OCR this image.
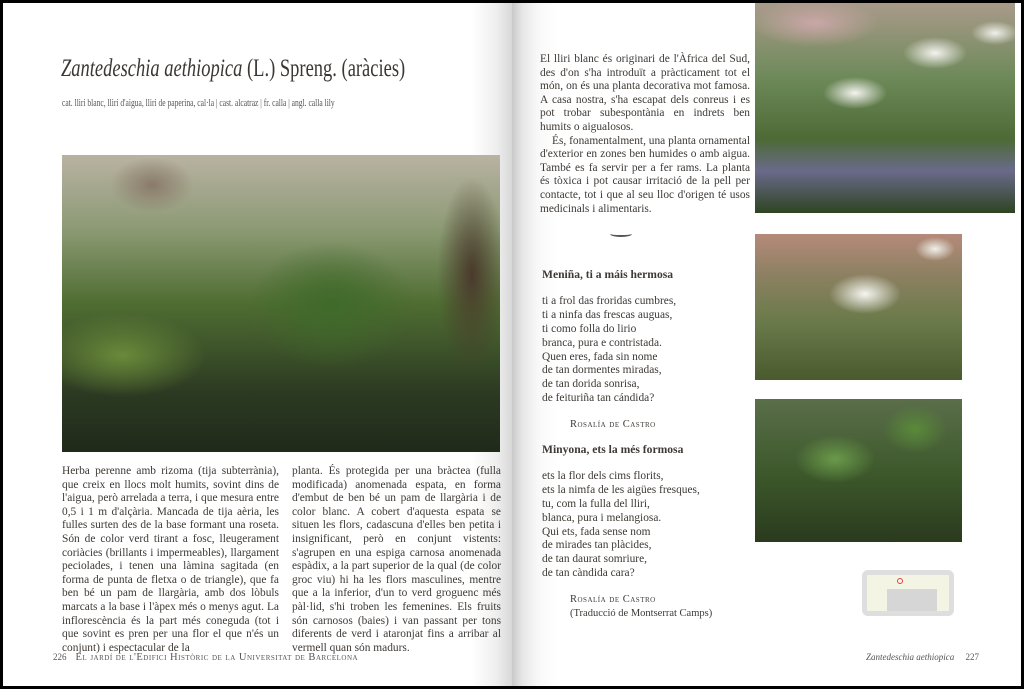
Zantedeschia aethiopica (L.) Spreng. (aràcies)
cat. lliri blanc, lliri d'aigua, lliri de paperina, cal·la | cast. alcatraz | fr. calla | angl. calla lily
Herba perenne amb rizoma (tija subterrània), que creix en llocs molt humits, sovint dins de l'aigua, però arrelada a terra, i que mesura entre 0,5 i 1 m d'alçària. Mancada de tija aèria, les fulles surten des de la base formant una roseta. Són de color verd tirant a fosc, lleugerament coriàcies (brillants i impermeables), llargament peciolades, i tenen una làmina sagitada (en forma de punta de fletxa o de triangle), que fa ben bé un pam de llargària, amb dos lòbuls marcats a la base i l'àpex més o menys agut. La inflorescència és la part més coneguda (tot i que sovint es pren per una flor el que n'és un conjunt) i espectacular de la
planta. És protegida per una bràctea (fulla modificada) anomenada espata, en forma d'embut de ben bé un pam de llargària i de color blanc. A cobert d'aquesta espata se situen les flors, cadascuna d'elles ben petita i insignificant, però en conjunt vistents: s'agrupen en una espiga carnosa anomenada espàdix, a la part superior de la qual (de color groc viu) hi ha les flors masculines, mentre que a la inferior, d'un to verd groguenc més pàl·lid, s'hi troben les femenines. Els fruits són carnosos (baies) i van passant per tons diferents de verd i ataronjat fins a arribar al vermell quan són madurs.
226 El jardí de l'Edifici Històric de la Universitat de Barcelona

El lliri blanc és originari de l'Àfrica del Sud, des d'on s'ha introduït a pràcticament tot el món, on és una planta decorativa mot famosa. A casa nostra, s'ha escapat dels conreus i es pot trobar subespontània en indrets ben humits o aigualosos.

És, fonamentalment, una planta ornamental d'exterior en zones ben humides o amb aigua. També es fa servir per a fer rams. La planta és tòxica i pot causar irritació de la pell per contacte, tot i que al seu lloc d'origen té usos medicinals i alimentaris.

Meniña, ti a máis hermosa
ti a frol das froridas cumbres,
ti a ninfa das frescas auguas,
ti como folla do lirio
branca, pura e contristada.
Quen eres, fada sin nome
de tan dormentes miradas,
de tan dorida sonrisa,
de feituriña tan cándida?
Rosalía de Castro
Minyona, ets la més formosa
ets la flor dels cims florits,
ets la nimfa de les aigües fresques,
tu, com la fulla del lliri,
blanca, pura i melangiosa.
Qui ets, fada sense nom
de mirades tan plàcides,
de tan daurat somriure,
de tan càndida cara?
Rosalía de Castro
(Traducció de Montserrat Camps)
Zantedeschia aethiopica 227
